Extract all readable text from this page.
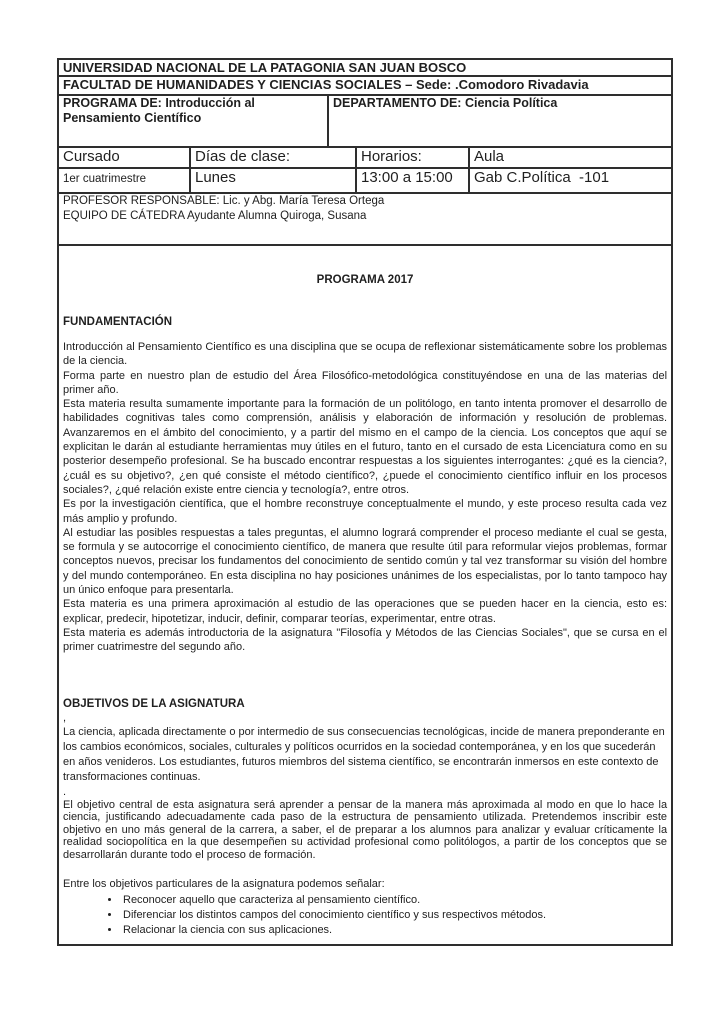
UNIVERSIDAD NACIONAL DE LA PATAGONIA SAN JUAN BOSCO				
FACULTAD DE HUMANIDADES Y CIENCIAS SOCIALES – Sede: .Comodoro Rivadavia				
PROGRAMA DE: Introducción al Pensamiento Científico		DEPARTAMENTO DE: Ciencia Política		
Cursado	Días de clase:		Horarios:	Aula
1er cuatrimestre	Lunes		13:00 a 15:00	Gab C.Política  -101

PROFESOR RESPONSABLE: Lic. y Abg. María Teresa Ortega
EQUIPO DE CÁTEDRA Ayudante Alumna Quiroga, Susana				

PROGRAMA 2017
FUNDAMENTACIÓN

Introducción al Pensamiento Científico es una disciplina que se ocupa de reflexionar sistemáticamente sobre los problemas de la ciencia.

Forma parte en nuestro plan de estudio del Área Filosófico-metodológica constituyéndose en una de las materias del primer año.

Esta materia resulta sumamente importante para la formación de un politólogo, en tanto intenta promover el desarrollo de habilidades cognitivas tales como comprensión, análisis y elaboración de información y resolución de problemas. Avanzaremos en el ámbito del conocimiento, y a partir del mismo en el campo de la ciencia. Los conceptos que aquí se explicitan le darán al estudiante herramientas muy útiles en el futuro, tanto en el cursado de esta Licenciatura como en su posterior desempeño profesional. Se ha buscado encontrar respuestas a los siguientes interrogantes: ¿qué es la ciencia?, ¿cuál es su objetivo?, ¿en qué consiste el método científico?, ¿puede el conocimiento científico influir en los procesos sociales?, ¿qué relación existe entre ciencia y tecnología?, entre otros.

Es por la investigación científica, que el hombre reconstruye conceptualmente el mundo, y este proceso resulta cada vez más amplio y profundo.

Al estudiar las posibles respuestas a tales preguntas, el alumno logrará comprender el proceso mediante el cual se gesta, se formula y se autocorrige el conocimiento científico, de manera que resulte útil para reformular viejos problemas, formar conceptos nuevos, precisar los fundamentos del conocimiento de sentido común y tal vez transformar su visión del hombre y del mundo contemporáneo. En esta disciplina no hay posiciones unánimes de los especialistas, por lo tanto tampoco hay un único enfoque para presentarla.

Esta materia es una primera aproximación al estudio de las operaciones que se pueden hacer en la ciencia, esto es: explicar, predecir, hipotetizar, inducir, definir, comparar teorías, experimentar, entre otras.

Esta materia es además introductoria de la asignatura "Filosofía y Métodos de las Ciencias Sociales", que se cursa en el primer cuatrimestre del segundo año.

OBJETIVOS DE LA ASIGNATURA
,

La ciencia, aplicada directamente o por intermedio de sus consecuencias tecnológicas, incide de manera preponderante en los cambios económicos, sociales, culturales y políticos ocurridos en la sociedad contemporánea, y en los que sucederán en años venideros. Los estudiantes, futuros miembros del sistema científico, se encontrarán inmersos en este contexto de transformaciones continuas.

.

El objetivo central de esta asignatura será aprender a pensar de la manera más aproximada al modo en que lo hace la ciencia, justificando adecuadamente cada paso de la estructura de pensamiento utilizada. Pretendemos inscribir este objetivo en uno más general de la carrera, a saber, el de preparar a los alumnos para analizar y evaluar críticamente la realidad sociopolítica en la que desempeñen su actividad profesional como politólogos, a partir de los conceptos que se desarrollarán durante todo el proceso de formación.

Entre los objetivos particulares de la asignatura podemos señalar:

• Reconocer aquello que caracteriza al pensamiento científico.
• Diferenciar los distintos campos del conocimiento científico y sus respectivos métodos.
• Relacionar la ciencia con sus aplicaciones.
